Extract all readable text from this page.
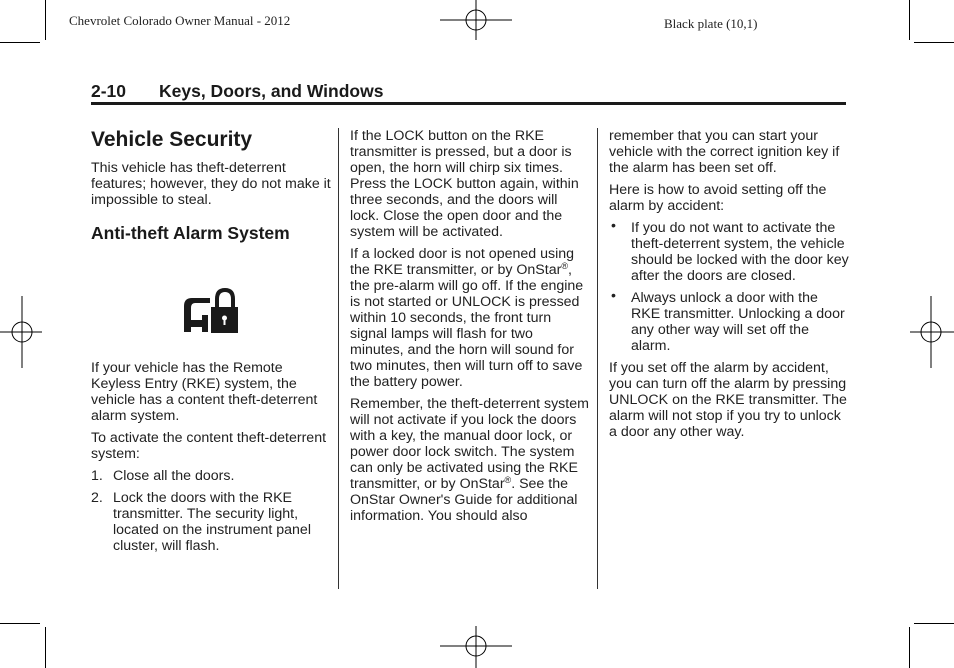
Chevrolet Colorado Owner Manual - 2012	Black plate (10,1)
2-10 Keys, Doors, and Windows
Vehicle Security

This vehicle has theft-deterrent features; however, they do not make it impossible to steal.

Anti-theft Alarm System

If your vehicle has the Remote Keyless Entry (RKE) system, the vehicle has a content theft-deterrent alarm system.

To activate the content theft-deterrent system:

1. Close all the doors.
2. Lock the doors with the RKE transmitter. The security light, located on the instrument panel cluster, will flash.

If the LOCK button on the RKE transmitter is pressed, but a door is open, the horn will chirp six times. Press the LOCK button again, within three seconds, and the doors will lock. Close the open door and the system will be activated.

If a locked door is not opened using the RKE transmitter, or by OnStar®, the pre-alarm will go off. If the engine is not started or UNLOCK is pressed within 10 seconds, the front turn signal lamps will flash for two minutes, and the horn will sound for two minutes, then will turn off to save the battery power.

Remember, the theft-deterrent system will not activate if you lock the doors with a key, the manual door lock, or power door lock switch. The system can only be activated using the RKE transmitter, or by OnStar®. See the OnStar Owner's Guide for additional information. You should also

remember that you can start your vehicle with the correct ignition key if the alarm has been set off.

Here is how to avoid setting off the alarm by accident:

• If you do not want to activate the theft-deterrent system, the vehicle should be locked with the door key after the doors are closed.
• Always unlock a door with the RKE transmitter. Unlocking a door any other way will set off the alarm.

If you set off the alarm by accident, you can turn off the alarm by pressing UNLOCK on the RKE transmitter. The alarm will not stop if you try to unlock a door any other way.
